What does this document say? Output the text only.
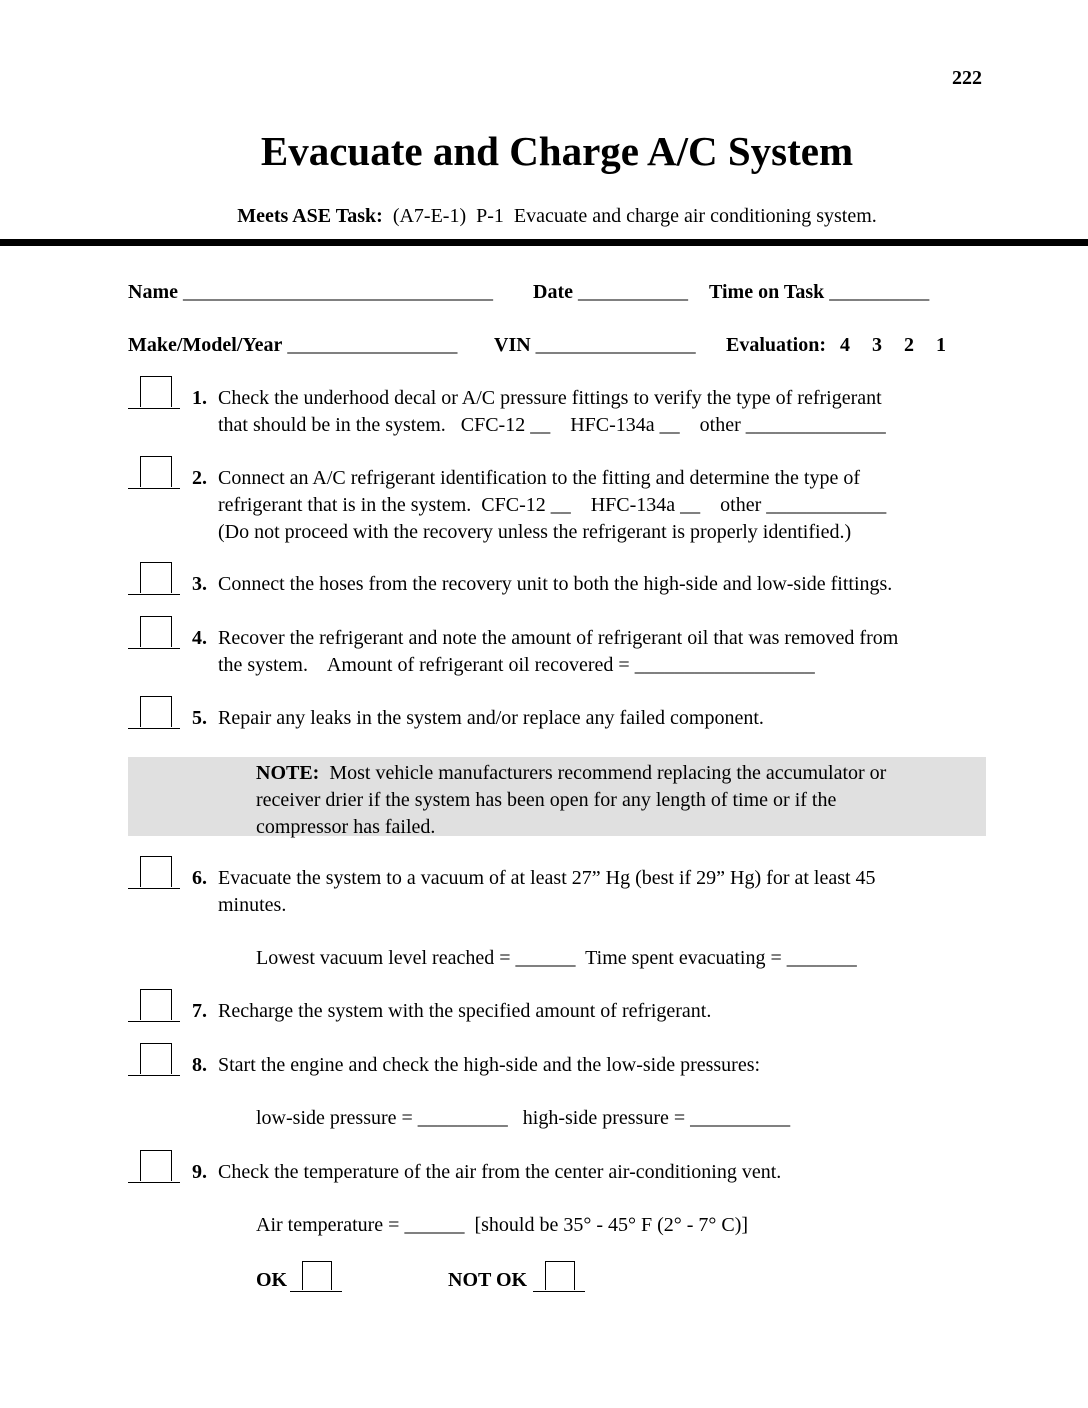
222
Evacuate and Charge A/C System
Meets ASE Task:  (A7-E-1)  P-1  Evacuate and charge air conditioning system.
Name _______________________________ Date ___________ Time on Task __________
Make/Model/Year _________________ VIN ________________ Evaluation: 4 3 2 1
1. Check the underhood decal or A/C pressure fittings to verify the type of refrigerant
that should be in the system.   CFC-12 __    HFC-134a __    other ______________
2. Connect an A/C refrigerant identification to the fitting and determine the type of
refrigerant that is in the system.  CFC-12 __    HFC-134a __    other ____________
(Do not proceed with the recovery unless the refrigerant is properly identified.)
3. Connect the hoses from the recovery unit to both the high-side and low-side fittings.
4. Recover the refrigerant and note the amount of refrigerant oil that was removed from
the system.    Amount of refrigerant oil recovered = __________________
5. Repair any leaks in the system and/or replace any failed component.
6. Evacuate the system to a vacuum of at least 27” Hg (best if 29” Hg) for at least 45
minutes.
Lowest vacuum level reached = ______  Time spent evacuating = _______
7. Recharge the system with the specified amount of refrigerant.
8. Start the engine and check the high-side and the low-side pressures:
low-side pressure = _________   high-side pressure = __________
9. Check the temperature of the air from the center air-conditioning vent.
Air temperature = ______  [should be 35° - 45° F (2° - 7° C)]
NOTE:  Most vehicle manufacturers recommend replacing the accumulator or
receiver drier if the system has been open for any length of time or if the
compressor has failed.
OK	NOT OK
